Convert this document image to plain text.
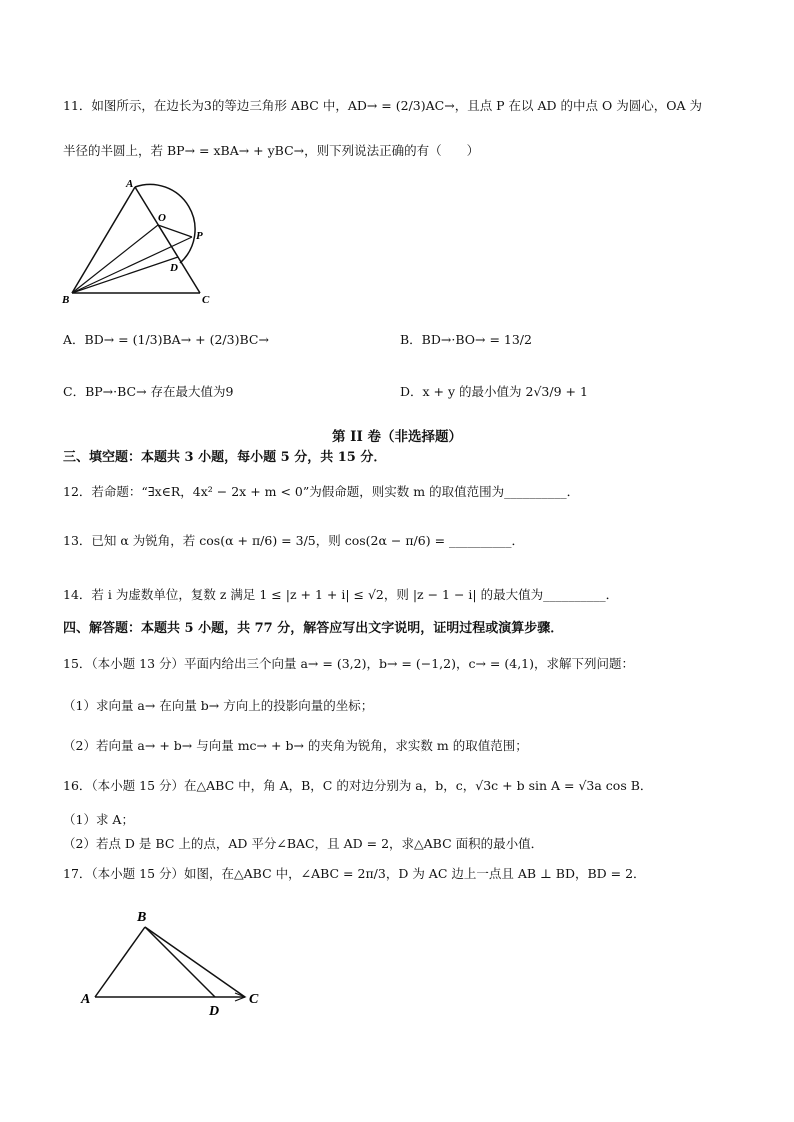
11．如图所示，在边长为3的等边三角形 ABC 中，AD→ = (2/3)AC→，且点 P 在以 AD 的中点 O 为圆心，OA 为
半径的半圆上，若 BP→ = xBA→ + yBC→，则下列说法正确的有（　　）
A
O
P
D
B	C
A．BD→ = (1/3)BA→ + (2/3)BC→	B．BD→·BO→ = 13/2
C．BP→·BC→ 存在最大值为9	D．x + y 的最小值为 2√3/9 + 1
第 II 卷（非选择题）
三、填空题：本题共 3 小题，每小题 5 分，共 15 分．
12．若命题：“∃x∈R，4x² − 2x + m < 0”为假命题，则实数 m 的取值范围为__________．
13．已知 α 为锐角，若 cos(α + π/6) = 3/5，则 cos(2α − π/6) = __________．
14．若 i 为虚数单位，复数 z 满足 1 ≤ |z + 1 + i| ≤ √2，则 |z − 1 − i| 的最大值为__________．
四、解答题：本题共 5 小题，共 77 分，解答应写出文字说明，证明过程或演算步骤．
15．（本小题 13 分）平面内给出三个向量 a→ = (3,2)，b→ = (−1,2)，c→ = (4,1)，求解下列问题：
（1）求向量 a→ 在向量 b→ 方向上的投影向量的坐标；
（2）若向量 a→ + b→ 与向量 mc→ + b→ 的夹角为锐角，求实数 m 的取值范围；
16．（本小题 15 分）在△ABC 中，角 A，B，C 的对边分别为 a，b，c，√3c + b sin A = √3a cos B．
（1）求 A；
（2）若点 D 是 BC 上的点，AD 平分∠BAC，且 AD = 2，求△ABC 面积的最小值．
17．（本小题 15 分）如图，在△ABC 中，∠ABC = 2π/3，D 为 AC 边上一点且 AB ⊥ BD，BD = 2．
B
A	C
D
